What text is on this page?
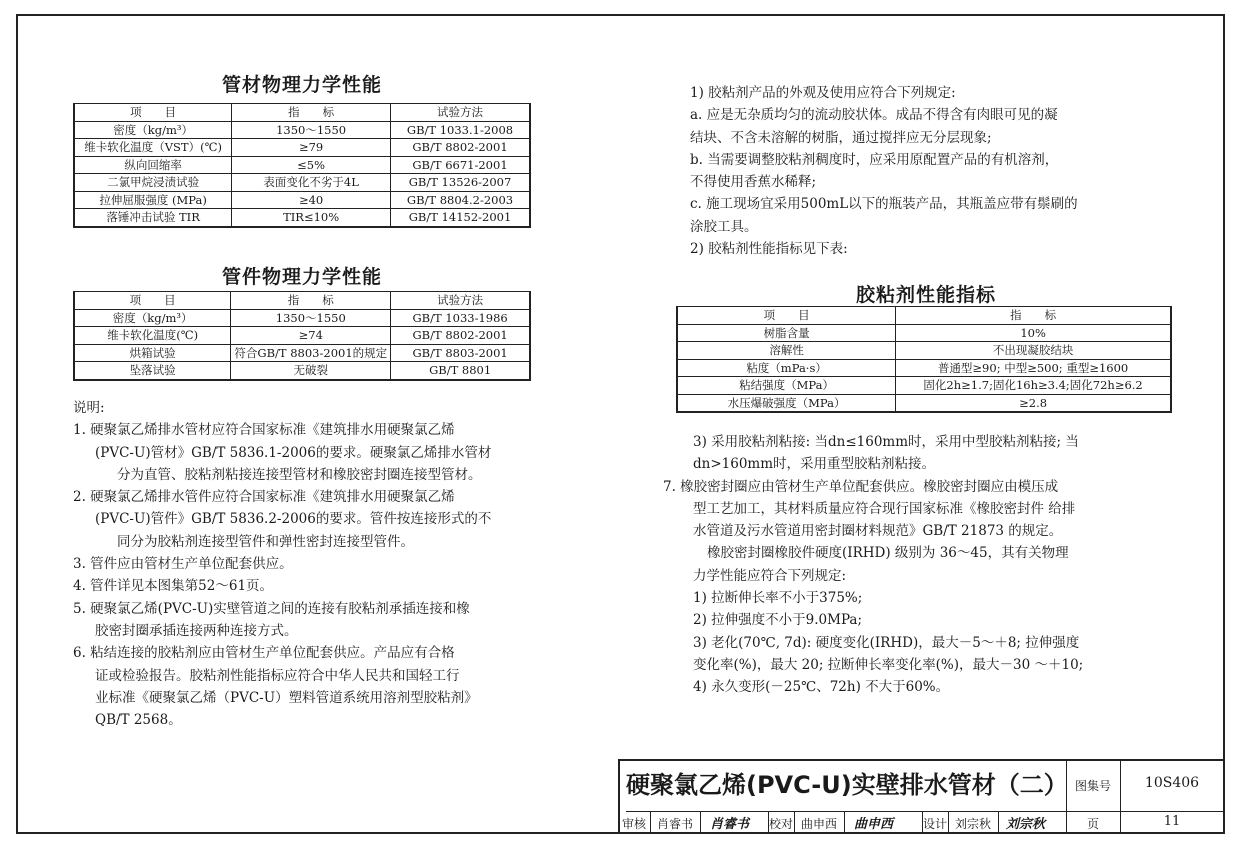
管材物理力学性能
项　　目	指　　标	试验方法
密度（kg/m³）	1350～1550	GB/T 1033.1-2008
维卡软化温度（VST）(℃)	≥79	GB/T 8802-2001
纵向回缩率	≤5%	GB/T 6671-2001
二氯甲烷浸渍试验	表面变化不劣于4L	GB/T 13526-2007
拉伸屈服强度 (MPa)	≥40	GB/T 8804.2-2003
落锤冲击试验 TIR	TIR≤10%	GB/T 14152-2001
管件物理力学性能
项　　目	指　　标	试验方法
密度（kg/m³）	1350～1550	GB/T 1033-1986
维卡软化温度(℃)	≥74	GB/T 8802-2001
烘箱试验	符合GB/T 8803-2001的规定	GB/T 8803-2001
坠落试验	无破裂	GB/T 8801

说明:

1. 硬聚氯乙烯排水管材应符合国家标准《建筑排水用硬聚氯乙烯

(PVC-U)管材》GB/T 5836.1-2006的要求。硬聚氯乙烯排水管材

分为直管、胶粘剂粘接连接型管材和橡胶密封圈连接型管材。

2. 硬聚氯乙烯排水管件应符合国家标准《建筑排水用硬聚氯乙烯

(PVC-U)管件》GB/T 5836.2-2006的要求。管件按连接形式的不

同分为胶粘剂连接型管件和弹性密封连接型管件。

3. 管件应由管材生产单位配套供应。

4. 管件详见本图集第52～61页。

5. 硬聚氯乙烯(PVC-U)实壁管道之间的连接有胶粘剂承插连接和橡

胶密封圈承插连接两种连接方式。

6. 粘结连接的胶粘剂应由管材生产单位配套供应。产品应有合格

证或检验报告。胶粘剂性能指标应符合中华人民共和国轻工行

业标准《硬聚氯乙烯（PVC-U）塑料管道系统用溶剂型胶粘剂》

QB/T 2568。

1) 胶粘剂产品的外观及使用应符合下列规定:

a. 应是无杂质均匀的流动胶状体。成品不得含有肉眼可见的凝

结块、不含未溶解的树脂，通过搅拌应无分层现象;

b. 当需要调整胶粘剂稠度时，应采用原配置产品的有机溶剂，

不得使用香蕉水稀释;

c. 施工现场宜采用500mL以下的瓶装产品，其瓶盖应带有鬃刷的

涂胶工具。

2) 胶粘剂性能指标见下表:

胶粘剂性能指标
项　　目	指　　标
树脂含量	10%
溶解性	不出现凝胶结块
粘度（mPa·s）	普通型≥90; 中型≥500; 重型≥1600
粘结强度（MPa）	固化2h≥1.7;固化16h≥3.4;固化72h≥6.2
水压爆破强度（MPa）	≥2.8

3) 采用胶粘剂粘接: 当dn≤160mm时，采用中型胶粘剂粘接; 当

dn>160mm时，采用重型胶粘剂粘接。

7. 橡胶密封圈应由管材生产单位配套供应。橡胶密封圈应由模压成

型工艺加工，其材料质量应符合现行国家标准《橡胶密封件 给排

水管道及污水管道用密封圈材料规范》GB/T 21873 的规定。

橡胶密封圈橡胶件硬度(IRHD) 级别为 36～45，其有关物理

力学性能应符合下列规定:

1) 拉断伸长率不小于375%;

2) 拉伸强度不小于9.0MPa;

3) 老化(70℃, 7d): 硬度变化(IRHD)，最大－5～＋8; 拉伸强度

变化率(%)，最大 20; 拉断伸长率变化率(%)，最大－30 ～＋10;

4) 永久变形(－25℃、72h) 不大于60%。

硬聚氯乙烯(PVC-U)实壁排水管材（二） 图集号	10S406
审核 肖睿书	肖睿书 校对 曲申西	曲申西 设计 刘宗秋	刘宗秋	页	11
